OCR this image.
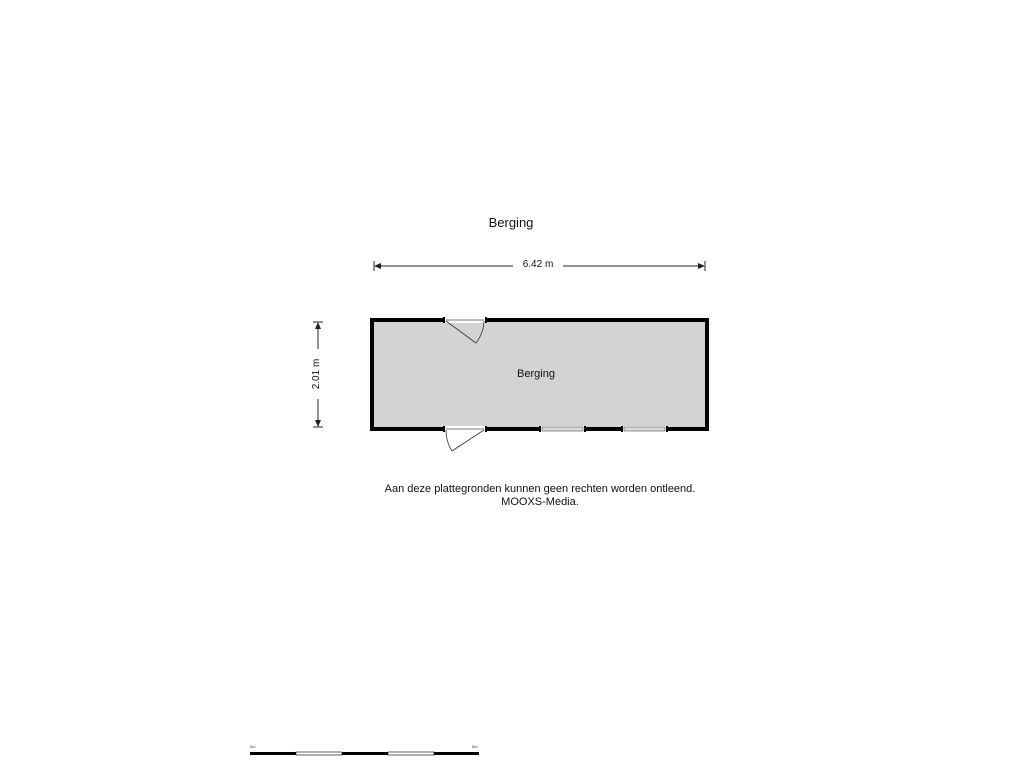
Berging
6.42 m
2.01 m	Berging
Aan deze plattegronden kunnen geen rechten worden ontleend.
MOOXS-Media.
0m	5m
